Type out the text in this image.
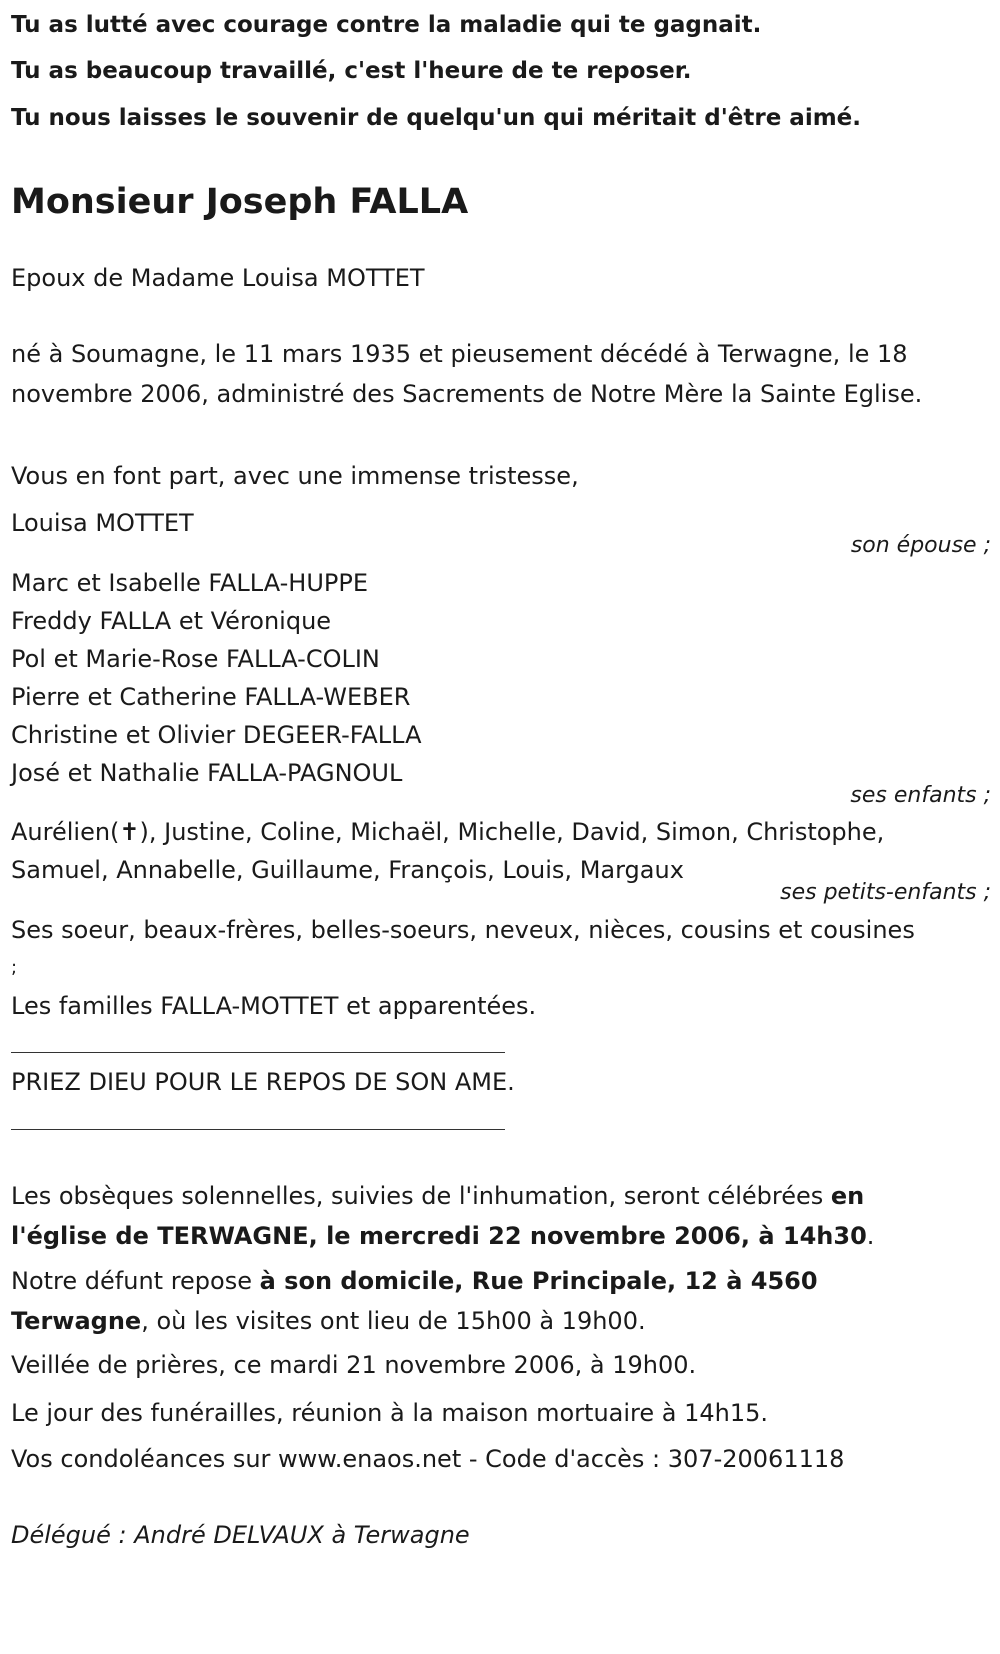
Tu as lutté avec courage contre la maladie qui te gagnait.
Tu as beaucoup travaillé, c'est l'heure de te reposer.
Tu nous laisses le souvenir de quelqu'un qui méritait d'être aimé.
Monsieur Joseph FALLA
Epoux de Madame Louisa MOTTET
né à Soumagne, le 11 mars 1935 et pieusement décédé à Terwagne, le 18 novembre 2006, administré des Sacrements de Notre Mère la Sainte Eglise.
Vous en font part, avec une immense tristesse,
Louisa MOTTET
son épouse ;
Marc et Isabelle FALLA-HUPPE
Freddy FALLA et Véronique
Pol et Marie-Rose FALLA-COLIN
Pierre et Catherine FALLA-WEBER
Christine et Olivier DEGEER-FALLA
José et Nathalie FALLA-PAGNOUL
ses enfants ;
Aurélien(✝), Justine, Coline, Michaël, Michelle, David, Simon, Christophe,
Samuel, Annabelle, Guillaume, François, Louis, Margaux
ses petits-enfants ;
Ses soeur, beaux-frères, belles-soeurs, neveux, nièces, cousins et cousines
;
Les familles FALLA-MOTTET et apparentées.
PRIEZ DIEU POUR LE REPOS DE SON AME.
Les obsèques solennelles, suivies de l'inhumation, seront célébrées en
l'église de TERWAGNE, le mercredi 22 novembre 2006, à 14h30.
Notre défunt repose à son domicile, Rue Principale, 12 à 4560
Terwagne, où les visites ont lieu de 15h00 à 19h00.
Veillée de prières, ce mardi 21 novembre 2006, à 19h00.
Le jour des funérailles, réunion à la maison mortuaire à 14h15.
Vos condoléances sur www.enaos.net - Code d'accès : 307-20061118
Délégué : André DELVAUX à Terwagne
